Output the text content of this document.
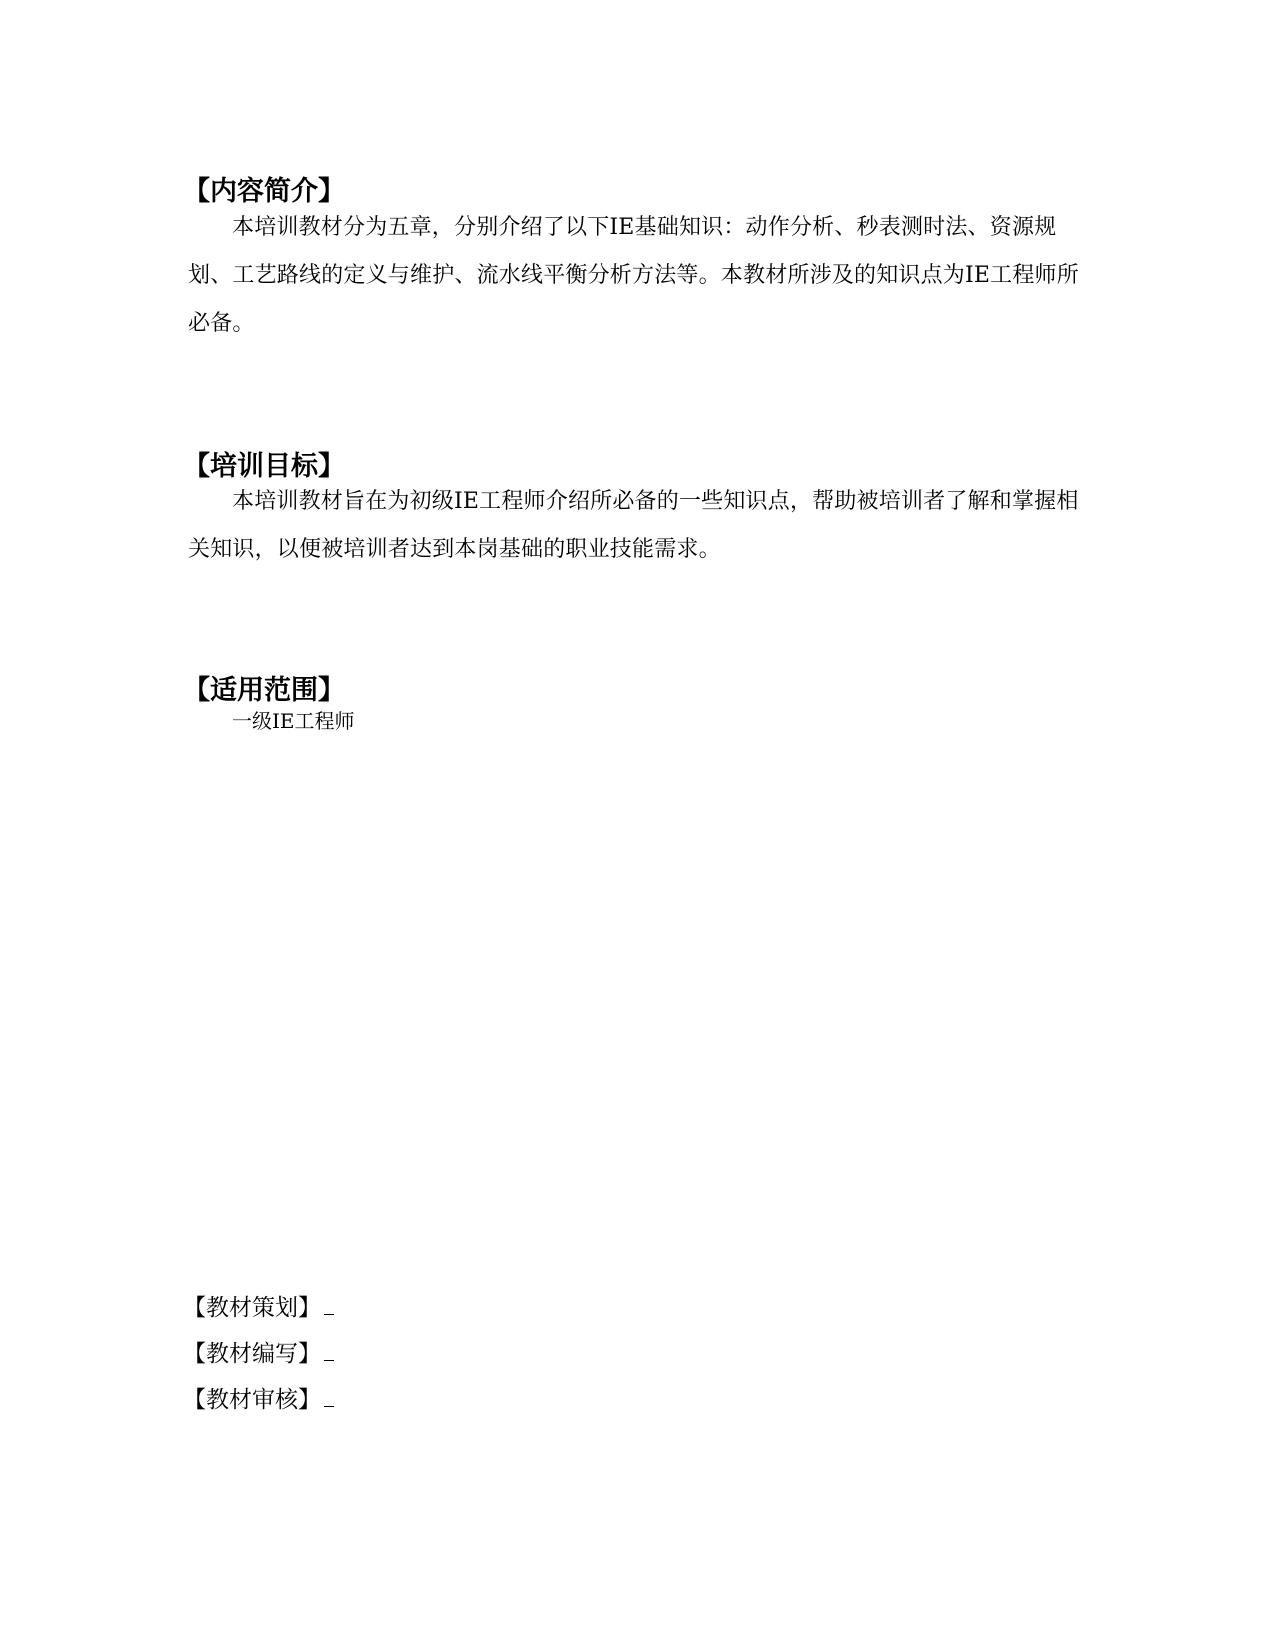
【内容简介】

本培训教材分为五章，分别介绍了以下IE基础知识：动作分析、秒表测时法、资源规划、工艺路线的定义与维护、流水线平衡分析方法等。本教材所涉及的知识点为IE工程师所必备。

【培训目标】

本培训教材旨在为初级IE工程师介绍所必备的一些知识点，帮助被培训者了解和掌握相关知识，以便被培训者达到本岗基础的职业技能需求。

【适用范围】
一级IE工程师
【教材策划】
【教材编写】
【教材审核】
